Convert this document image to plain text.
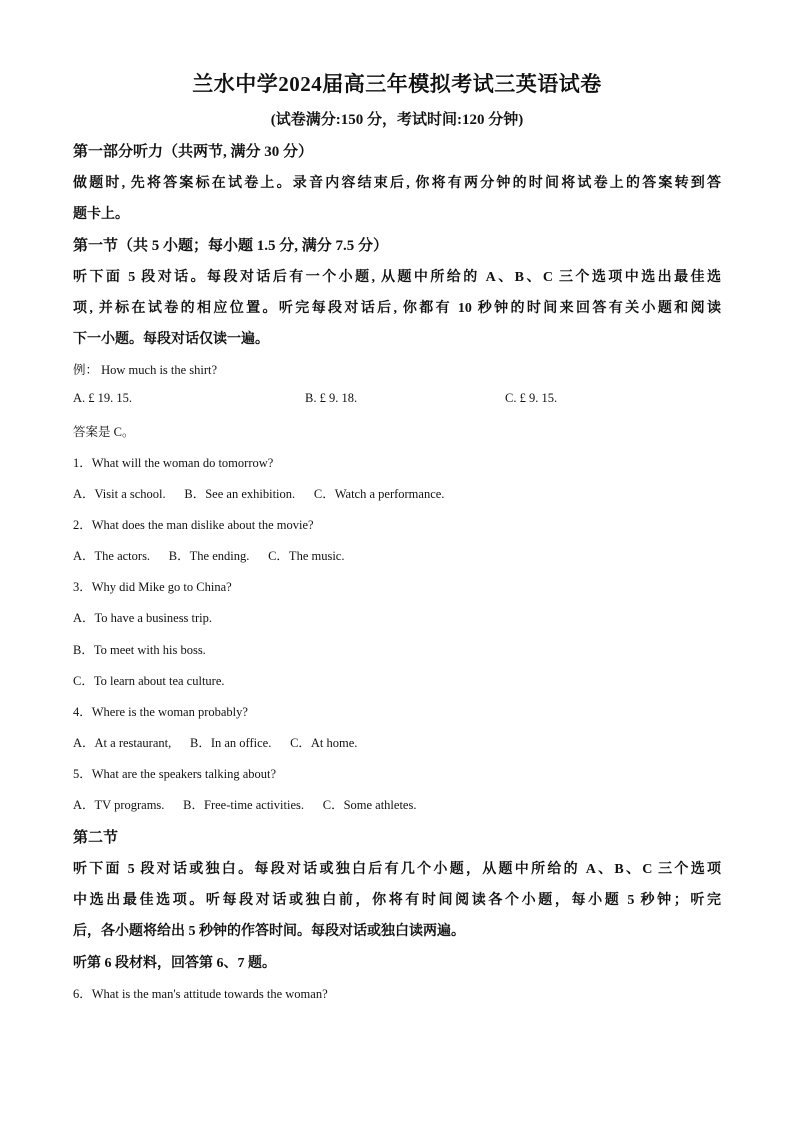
兰水中学2024届高三年模拟考试三英语试卷
(试卷满分:150 分，考试时间:120 分钟)
第一部分听力（共两节, 满分 30 分）
做题时, 先将答案标在试卷上。录音内容结束后, 你将有两分钟的时间将试卷上的答案转到答
题卡上。
第一节（共 5 小题；每小题 1.5 分, 满分 7.5 分）
听下面 5 段对话。每段对话后有一个小题, 从题中所给的 A、B、C 三个选项中选出最佳选
项, 并标在试卷的相应位置。听完每段对话后, 你都有 10 秒钟的时间来回答有关小题和阅读
下一小题。每段对话仅读一遍。
例： How much is the shirt?
A. £ 19. 15.	B. £ 9. 18.	C. £ 9. 15.
答案是 C。
1．What will the woman do tomorrow?
A．Visit a school.      B．See an exhibition.      C．Watch a performance.
2．What does the man dislike about the movie?
A．The actors.      B．The ending.      C．The music.
3．Why did Mike go to China?
A．To have a business trip.
B．To meet with his boss.
C．To learn about tea culture.
4．Where is the woman probably?
A．At a restaurant,      B．In an office.      C．At home.
5．What are the speakers talking about?
A．TV programs.      B．Free-time activities.      C．Some athletes.
第二节
听下面 5 段对话或独白。每段对话或独白后有几个小题，从题中所给的 A、B、C 三个选项
中选出最佳选项。听每段对话或独白前，你将有时间阅读各个小题，每小题 5 秒钟；听完
后，各小题将给出 5 秒钟的作答时间。每段对话或独白读两遍。
听第 6 段材料，回答第 6、7 题。
6．What is the man's attitude towards the woman?
